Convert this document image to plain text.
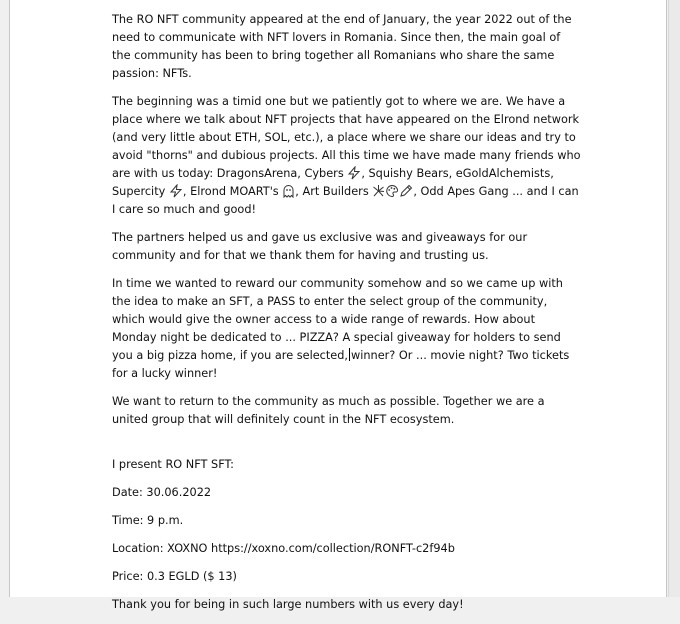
The RO NFT community appeared at the end of January, the year 2022 out of the need to communicate with NFT lovers in Romania. Since then, the main goal of the community has been to bring together all Romanians who share the same passion: NFTs.

The beginning was a timid one but we patiently got to where we are. We have a place where we talk about NFT projects that have appeared on the Elrond network (and very little about ETH, SOL, etc.), a place where we share our ideas and try to avoid "thorns" and dubious projects. All this time we have made many friends who are with us today: DragonsArena, Cybers , Squishy Bears, eGoldAlchemists, Supercity , Elrond MOART's , Art Builders	, Odd Apes Gang ... and I can I care so much and good!

The partners helped us and gave us exclusive was and giveaways for our community and for that we thank them for having and trusting us.

In time we wanted to reward our community somehow and so we came up with the idea to make an SFT, a PASS to enter the select group of the community, which would give the owner access to a wide range of rewards. How about Monday night be dedicated to ... PIZZA? A special giveaway for holders to send you a big pizza home, if you are selected, winner? Or ... movie night? Two tickets for a lucky winner!

We want to return to the community as much as possible. Together we are a united group that will definitely count in the NFT ecosystem.

I present RO NFT SFT:

Date: 30.06.2022

Time: 9 p.m.

Location: XOXNO https://xoxno.com/collection/RONFT-c2f94b

Price: 0.3 EGLD ($ 13)

Thank you for being in such large numbers with us every day!
